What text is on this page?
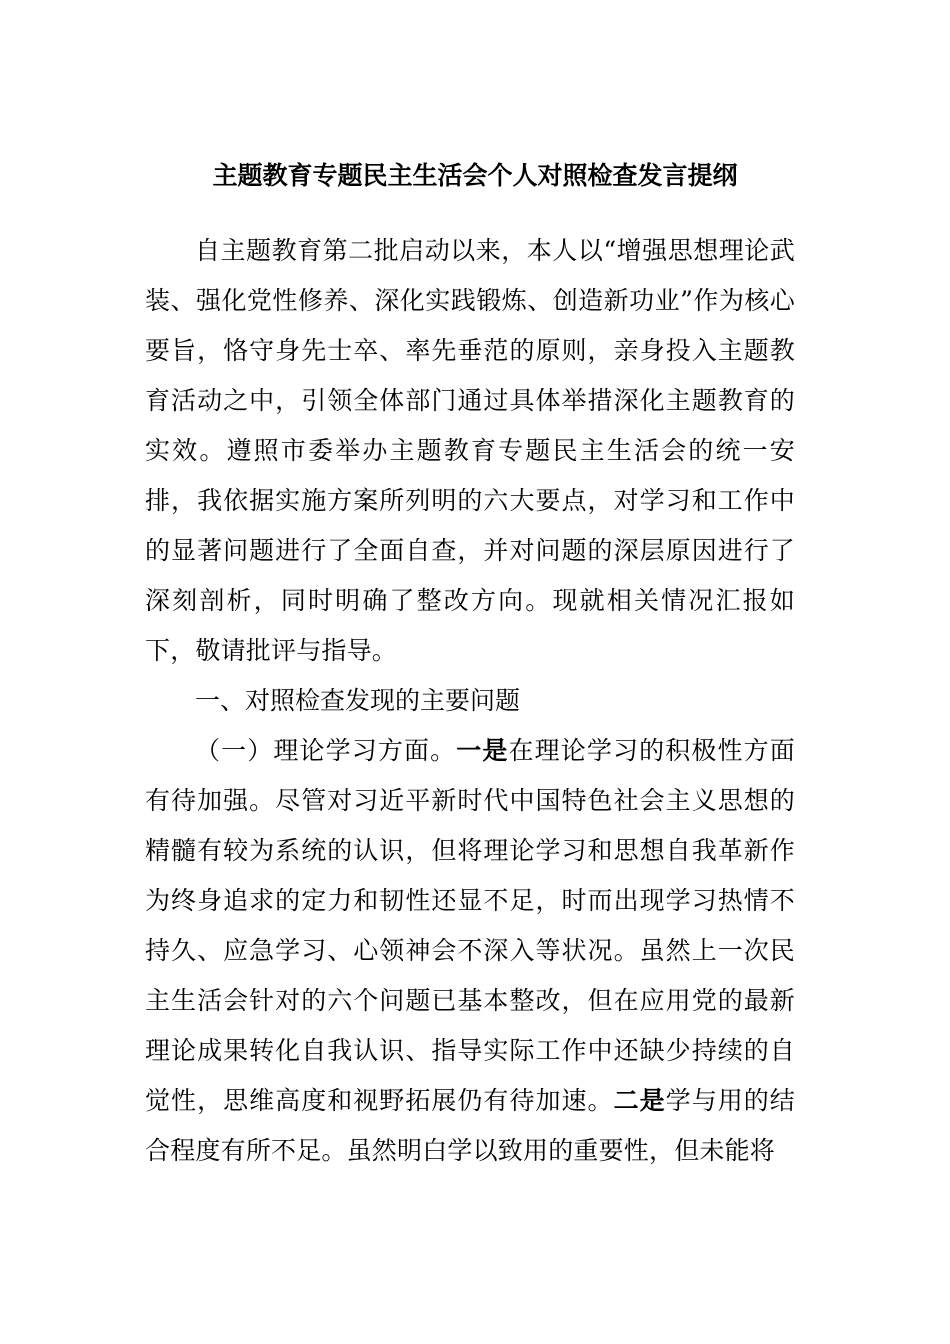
主题教育专题民主生活会个人对照检查发言提纲

自主题教育第二批启动以来，本人以“增强思想理论武装、强化党性修养、深化实践锻炼、创造新功业”作为核心要旨，恪守身先士卒、率先垂范的原则，亲身投入主题教育活动之中，引领全体部门通过具体举措深化主题教育的实效。遵照市委举办主题教育专题民主生活会的统一安排，我依据实施方案所列明的六大要点，对学习和工作中的显著问题进行了全面自查，并对问题的深层原因进行了深刻剖析，同时明确了整改方向。现就相关情况汇报如下，敬请批评与指导。

一、对照检查发现的主要问题

（一）理论学习方面。一是在理论学习的积极性方面有待加强。尽管对习近平新时代中国特色社会主义思想的精髓有较为系统的认识，但将理论学习和思想自我革新作为终身追求的定力和韧性还显不足，时而出现学习热情不持久、应急学习、心领神会不深入等状况。虽然上一次民主生活会针对的六个问题已基本整改，但在应用党的最新理论成果转化自我认识、指导实际工作中还缺少持续的自觉性，思维高度和视野拓展仍有待加速。二是学与用的结合程度有所不足。虽然明白学以致用的重要性，但未能将
